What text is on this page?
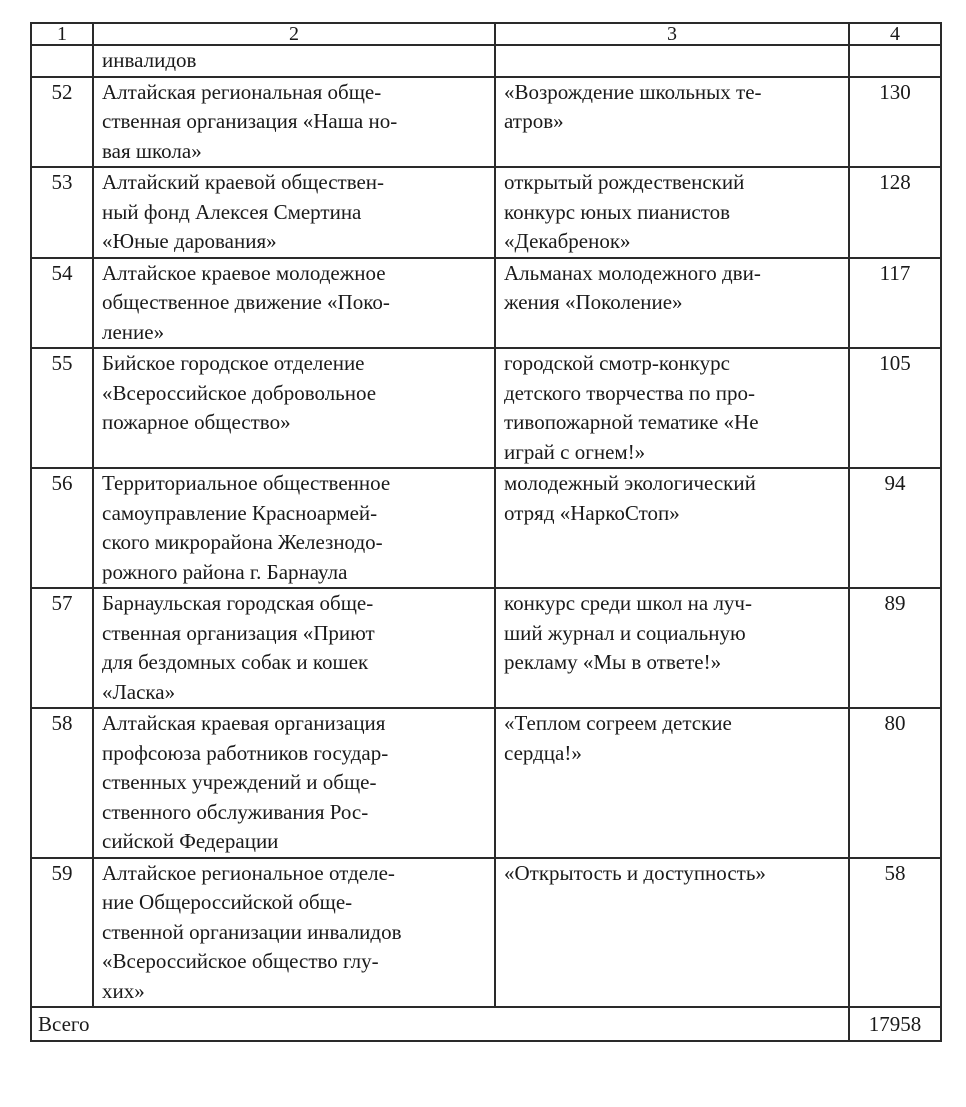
1	2	3	4

	инвалидов		

52	Алтайская региональная обще-
ственная организация «Наша но-
вая школа»	«Возрождение школьных те-
атров»	130
53	Алтайский краевой обществен-
ный фонд Алексея Смертина
«Юные дарования»	открытый рождественский
конкурс юных пианистов
«Декабренок»	128
54	Алтайское краевое молодежное
общественное движение «Поко-
ление»	Альманах молодежного дви-
жения «Поколение»	117
55	Бийское городское отделение
«Всероссийское добровольное
пожарное общество»	городской смотр-конкурс
детского творчества по про-
тивопожарной тематике «Не
играй с огнем!»	105
56	Территориальное общественное
самоуправление Красноармей-
ского микрорайона Железнодо-
рожного района г. Барнаула	молодежный экологический
отряд «НаркоСтоп»	94
57	Барнаульская городская обще-
ственная организация «Приют
для бездомных собак и кошек
«Ласка»	конкурс среди школ на луч-
ший журнал и социальную
рекламу «Мы в ответе!»	89
58	Алтайская краевая организация
профсоюза работников государ-
ственных учреждений и обще-
ственного обслуживания Рос-
сийской Федерации	«Теплом согреем детские
сердца!»	80
59	Алтайское региональное отделе-
ние Общероссийской обще-
ственной организации инвалидов
«Всероссийское общество глу-
хих»	«Открытость и доступность»	58
Всего			17958
